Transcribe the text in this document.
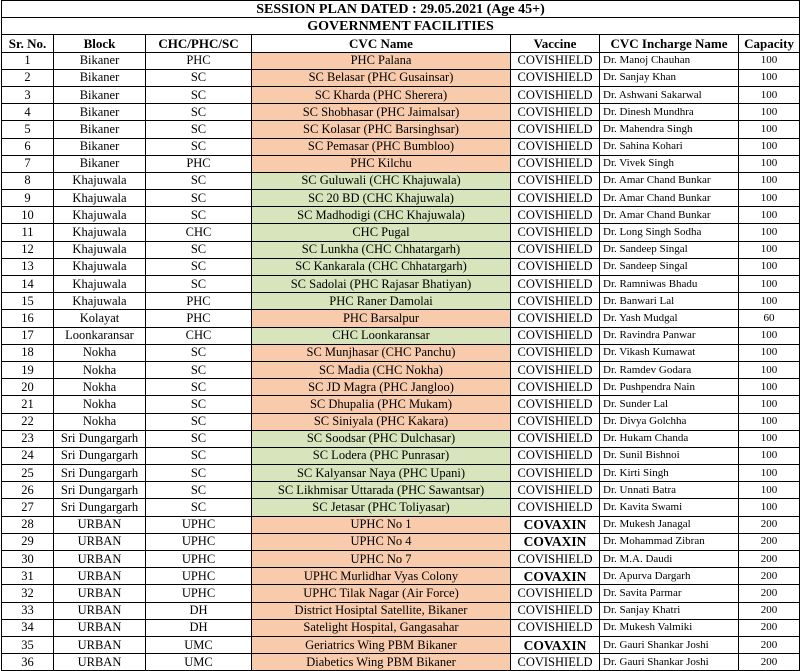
SESSION PLAN DATED : 29.05.2021 (Age 45+)						
GOVERNMENT FACILITIES						
Sr. No.	Block	CHC/PHC/SC	CVC Name	Vaccine	CVC Incharge Name	Capacity
1	Bikaner	PHC	PHC Palana	COVISHIELD	Dr. Manoj Chauhan	100
2	Bikaner	SC	SC Belasar (PHC Gusainsar)	COVISHIELD	Dr. Sanjay Khan	100
3	Bikaner	SC	SC Kharda (PHC Sherera)	COVISHIELD	Dr. Ashwani Sakarwal	100
4	Bikaner	SC	SC Shobhasar (PHC Jaimalsar)	COVISHIELD	Dr. Dinesh Mundhra	100
5	Bikaner	SC	SC Kolasar (PHC Barsinghsar)	COVISHIELD	Dr. Mahendra Singh	100
6	Bikaner	SC	SC Pemasar (PHC Bumbloo)	COVISHIELD	Dr. Sahina Kohari	100
7	Bikaner	PHC	PHC Kilchu	COVISHIELD	Dr. Vivek Singh	100
8	Khajuwala	SC	SC Guluwali (CHC Khajuwala)	COVISHIELD	Dr. Amar Chand Bunkar	100
9	Khajuwala	SC	SC 20 BD (CHC Khajuwala)	COVISHIELD	Dr. Amar Chand Bunkar	100
10	Khajuwala	SC	SC Madhodigi (CHC Khajuwala)	COVISHIELD	Dr. Amar Chand Bunkar	100
11	Khajuwala	CHC	CHC Pugal	COVISHIELD	Dr. Long Singh Sodha	100
12	Khajuwala	SC	SC Lunkha (CHC Chhatargarh)	COVISHIELD	Dr. Sandeep Singal	100
13	Khajuwala	SC	SC Kankarala (CHC Chhatargarh)	COVISHIELD	Dr. Sandeep Singal	100
14	Khajuwala	SC	SC Sadolai (PHC Rajasar Bhatiyan)	COVISHIELD	Dr. Ramniwas Bhadu	100
15	Khajuwala	PHC	PHC Raner Damolai	COVISHIELD	Dr. Banwari Lal	100
16	Kolayat	PHC	PHC Barsalpur	COVISHIELD	Dr. Yash Mudgal	60
17	Loonkaransar	CHC	CHC Loonkaransar	COVISHIELD	Dr. Ravindra Panwar	100
18	Nokha	SC	SC Munjhasar (CHC Panchu)	COVISHIELD	Dr. Vikash Kumawat	100
19	Nokha	SC	SC Madia (CHC Nokha)	COVISHIELD	Dr. Ramdev Godara	100
20	Nokha	SC	SC JD Magra (PHC Jangloo)	COVISHIELD	Dr. Pushpendra Nain	100
21	Nokha	SC	SC Dhupalia (PHC Mukam)	COVISHIELD	Dr. Sunder Lal	100
22	Nokha	SC	SC Siniyala (PHC Kakara)	COVISHIELD	Dr. Divya Golchha	100
23	Sri Dungargarh	SC	SC Soodsar (PHC Dulchasar)	COVISHIELD	Dr. Hukam Chanda	100
24	Sri Dungargarh	SC	SC Lodera (PHC Punrasar)	COVISHIELD	Dr. Sunil Bishnoi	100
25	Sri Dungargarh	SC	SC Kalyansar Naya (PHC Upani)	COVISHIELD	Dr. Kirti Singh	100
26	Sri Dungargarh	SC	SC Likhmisar Uttarada (PHC Sawantsar)	COVISHIELD	Dr. Unnati Batra	100
27	Sri Dungargarh	SC	SC Jetasar (PHC Toliyasar)	COVISHIELD	Dr. Kavita Swami	100
28	URBAN	UPHC	UPHC No 1	COVAXIN	Dr. Mukesh Janagal	200
29	URBAN	UPHC	UPHC No 4	COVAXIN	Dr. Mohammad Zibran	200
30	URBAN	UPHC	UPHC No 7	COVISHIELD	Dr. M.A. Daudi	200
31	URBAN	UPHC	UPHC Murlidhar Vyas Colony	COVAXIN	Dr. Apurva Dargarh	200
32	URBAN	UPHC	UPHC Tilak Nagar (Air Force)	COVISHIELD	Dr. Savita Parmar	200
33	URBAN	DH	District Hosiptal Satellite, Bikaner	COVISHIELD	Dr. Sanjay Khatri	200
34	URBAN	DH	Satelight Hospital, Gangasahar	COVISHIELD	Dr. Mukesh Valmiki	200
35	URBAN	UMC	Geriatrics Wing PBM Bikaner	COVAXIN	Dr. Gauri Shankar Joshi	200
36	URBAN	UMC	Diabetics Wing PBM Bikaner	COVISHIELD	Dr. Gauri Shankar Joshi	200
